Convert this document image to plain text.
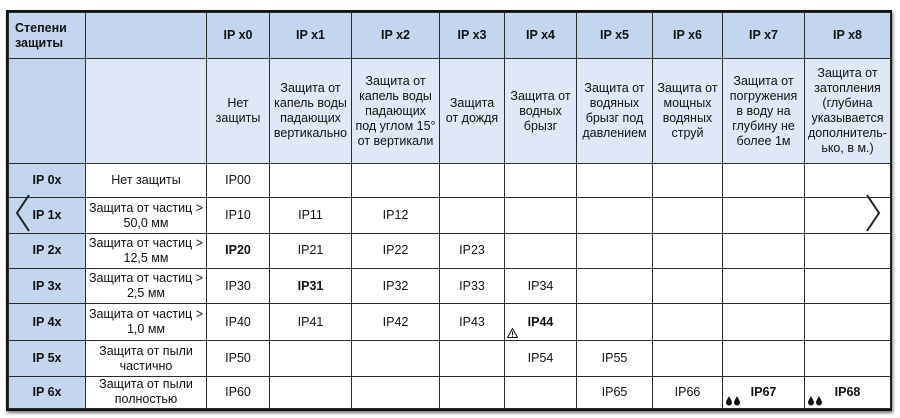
Степени защиты		IP x0	IP x1	IP x2	IP x3	IP x4	IP x5	IP x6	IP x7	IP x8
		Нет защиты	Защита от капель воды падающих вертикально	Защита от капель воды падающих под углом 15° от вертикали	Защита от дождя	Защита от водных брызг	Защита от водяных брызг под давлением	Защита от мощных водяных струй	Защита от погружения в воду на глубину не более 1м	Защита от затопления (глубина указывается дополнитель-ько, в м.)
IP 0x	Нет защиты	IP00								
IP 1x	Защита от частиц > 50,0 мм	IP10	IP11	IP12						
IP 2x	Защита от частиц > 12,5 мм	IP20	IP21	IP22	IP23					
IP 3x	Защита от частиц > 2,5 мм	IP30	IP31	IP32	IP33	IP34				
IP 4x	Защита от частиц > 1,0 мм	IP40	IP41	IP42	IP43	IP44

IP 5x	Защита от пыли частично	IP50				IP54	IP55			
IP 6x	Защита от пыли полностью	IP60					IP65	IP66	IP67	IP68
